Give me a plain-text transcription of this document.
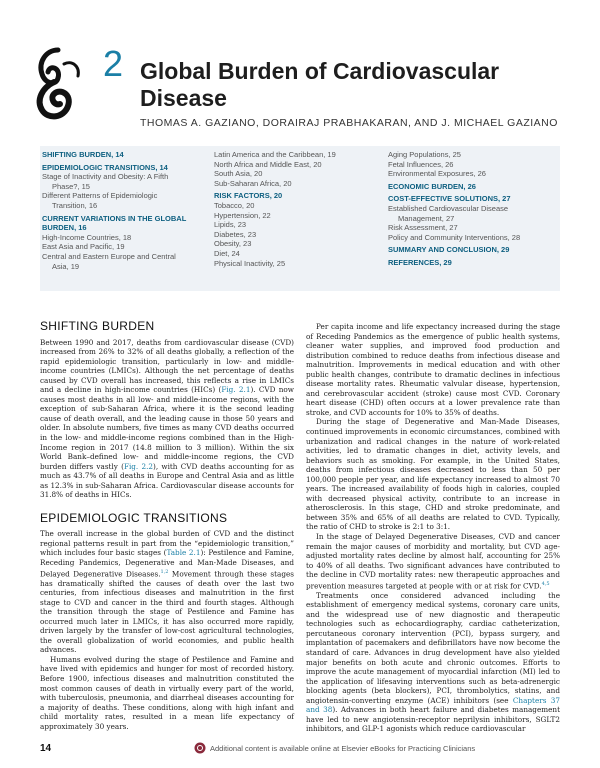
2 Global Burden of Cardiovascular
Disease
THOMAS A. GAZIANO, DORAIRAJ PRABHAKARAN, AND J. MICHAEL GAZIANO
SHIFTING BURDEN, 14
EPIDEMIOLOGIC TRANSITIONS, 14
Stage of Inactivity and Obesity: A Fifth
Phase?, 15
Different Patterns of Epidemiologic
Transition, 16
CURRENT VARIATIONS IN THE GLOBAL
BURDEN, 16
High-Income Countries, 18
East Asia and Pacific, 19
Central and Eastern Europe and Central
Asia, 19
Latin America and the Caribbean, 19
North Africa and Middle East, 20
South Asia, 20
Sub-Saharan Africa, 20
RISK FACTORS, 20
Tobacco, 20
Hypertension, 22
Lipids, 23
Diabetes, 23
Obesity, 23
Diet, 24
Physical Inactivity, 25
Aging Populations, 25
Fetal Influences, 26
Environmental Exposures, 26
ECONOMIC BURDEN, 26
COST-EFFECTIVE SOLUTIONS, 27
Established Cardiovascular Disease
Management, 27
Risk Assessment, 27
Policy and Community Interventions, 28
SUMMARY AND CONCLUSION, 29
REFERENCES, 29
SHIFTING BURDEN

Between 1990 and 2017, deaths from cardiovascular disease (CVD) increased from 26% to 32% of all deaths globally, a reflection of the rapid epidemiologic transition, particularly in low- and middle-income countries (LMICs). Although the net percentage of deaths caused by CVD overall has increased, this reflects a rise in LMICs and a decline in high-income countries (HICs) (Fig. 2.1). CVD now causes most deaths in all low- and middle-income regions, with the exception of sub-Saharan Africa, where it is the second leading cause of death overall, and the leading cause in those 50 years and older. In absolute numbers, five times as many CVD deaths occurred in the low- and middle-income regions combined than in the High-Income region in 2017 (14.8 million to 3 million). Within the six World Bank–defined low- and middle-income regions, the CVD burden differs vastly (Fig. 2.2), with CVD deaths accounting for as much as 43.7% of all deaths in Europe and Central Asia and as little as 12.3% in sub-Saharan Africa. Cardiovascular disease accounts for 31.8% of deaths in HICs.

EPIDEMIOLOGIC TRANSITIONS

The overall increase in the global burden of CVD and the distinct regional patterns result in part from the “epidemiologic transition,” which includes four basic stages (Table 2.1): Pestilence and Famine, Receding Pandemics, Degenerative and Man-Made Diseases, and Delayed Degenerative Diseases.$^{1,2}$ Movement through these stages has dramatically shifted the causes of death over the last two centuries, from infectious diseases and malnutrition in the first stage to CVD and cancer in the third and fourth stages. Although the transition through the stage of Pestilence and Famine has occurred much later in LMICs, it has also occurred more rapidly, driven largely by the transfer of low-cost agricultural technologies, the overall globalization of world economies, and public health advances.

Humans evolved during the stage of Pestilence and Famine and have lived with epidemics and hunger for most of recorded history. Before 1900, infectious diseases and malnutrition constituted the most common causes of death in virtually every part of the world, with tuberculosis, pneumonia, and diarrheal diseases accounting for a majority of deaths. These conditions, along with high infant and child mortality rates, resulted in a mean life expectancy of approximately 30 years.

Per capita income and life expectancy increased during the stage of Receding Pandemics as the emergence of public health systems, cleaner water supplies, and improved food production and distribution combined to reduce deaths from infectious disease and malnutrition. Improvements in medical education and with other public health changes, contribute to dramatic declines in infectious disease mortality rates. Rheumatic valvular disease, hypertension, and cerebrovascular accident (stroke) cause most CVD. Coronary heart disease (CHD) often occurs at a lower prevalence rate than stroke, and CVD accounts for 10% to 35% of deaths.

During the stage of Degenerative and Man-Made Diseases, continued improvements in economic circumstances, combined with urbanization and radical changes in the nature of work-related activities, led to dramatic changes in diet, activity levels, and behaviors such as smoking. For example, in the United States, deaths from infectious diseases decreased to less than 50 per 100,000 people per year, and life expectancy increased to almost 70 years. The increased availability of foods high in calories, coupled with decreased physical activity, contribute to an increase in atherosclerosis. In this stage, CHD and stroke predominate, and between 35% and 65% of all deaths are related to CVD. Typically, the ratio of CHD to stroke is 2:1 to 3:1.

In the stage of Delayed Degenerative Diseases, CVD and cancer remain the major causes of morbidity and mortality, but CVD age-adjusted mortality rates decline by almost half, accounting for 25% to 40% of all deaths. Two significant advances have contributed to the decline in CVD mortality rates: new therapeutic approaches and prevention measures targeted at people with or at risk for CVD.$^{4,5}$

Treatments once considered advanced including the establishment of emergency medical systems, coronary care units, and the widespread use of new diagnostic and therapeutic technologies such as echocardiography, cardiac catheterization, percutaneous coronary intervention (PCI), bypass surgery, and implantation of pacemakers and defibrillators have now become the standard of care. Advances in drug development have also yielded major benefits on both acute and chronic outcomes. Efforts to improve the acute management of myocardial infarction (MI) led to the application of lifesaving interventions such as beta-adrenergic blocking agents (beta blockers), PCI, thrombolytics, statins, and angiotensin-converting enzyme (ACE) inhibitors (see Chapters 37 and 38). Advances in both heart failure and diabetes management have led to new angiotensin-receptor neprilysin inhibitors, SGLT2 inhibitors, and GLP-1 agonists which reduce cardiovascular

14	Additional content is available online at Elsevier eBooks for Practicing Clinicians
